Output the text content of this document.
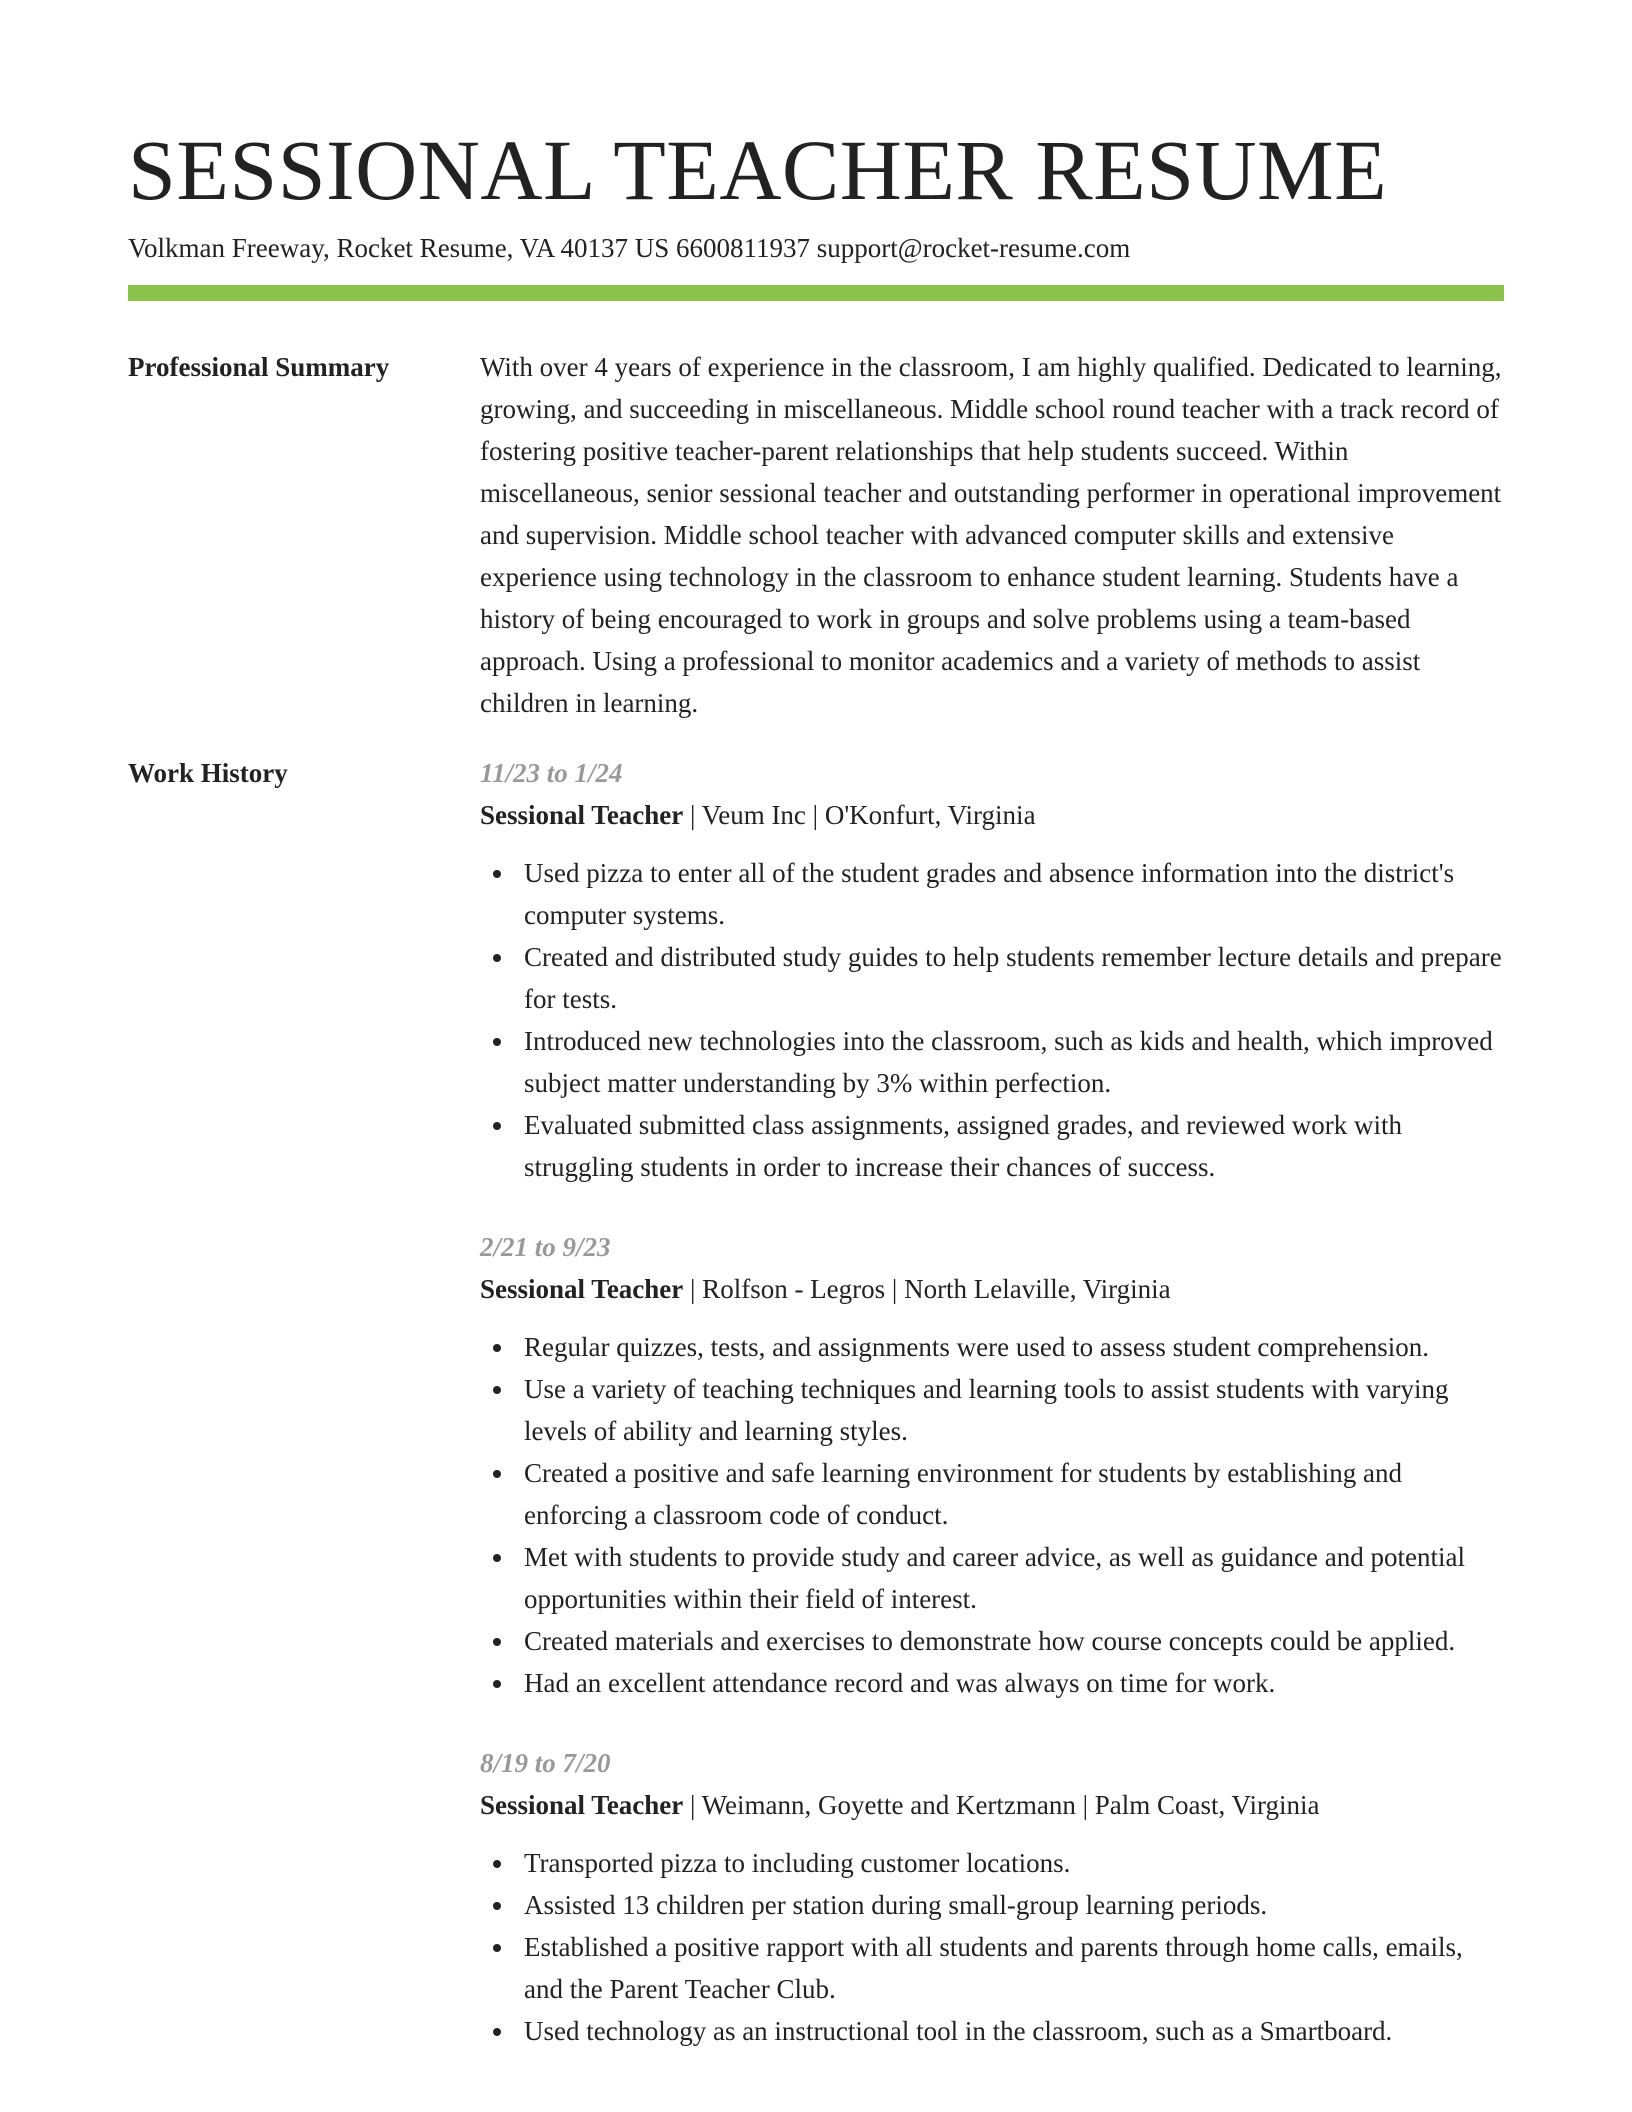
SESSIONAL TEACHER RESUME
Volkman Freeway, Rocket Resume, VA 40137 US 6600811937 support@rocket-resume.com
Professional Summary	With over 4 years of experience in the classroom, I am highly qualified. Dedicated to learning, growing, and succeeding in miscellaneous. Middle school round teacher with a track record of fostering positive teacher-parent relationships that help students succeed. Within miscellaneous, senior sessional teacher and outstanding performer in operational improvement and supervision. Middle school teacher with advanced computer skills and extensive experience using technology in the classroom to enhance student learning. Students have a history of being encouraged to work in groups and solve problems using a team-based approach. Using a professional to monitor academics and a variety of methods to assist children in learning.

Work History	11/23 to 1/24
Sessional Teacher | Veum Inc | O'Konfurt, Virginia
Used pizza to enter all of the student grades and absence information into the district's computer systems.
Created and distributed study guides to help students remember lecture details and prepare for tests.
Introduced new technologies into the classroom, such as kids and health, which improved subject matter understanding by 3% within perfection.
Evaluated submitted class assignments, assigned grades, and reviewed work with struggling students in order to increase their chances of success.
2/21 to 9/23
Sessional Teacher | Rolfson - Legros | North Lelaville, Virginia
Regular quizzes, tests, and assignments were used to assess student comprehension.
Use a variety of teaching techniques and learning tools to assist students with varying levels of ability and learning styles.
Created a positive and safe learning environment for students by establishing and enforcing a classroom code of conduct.
Met with students to provide study and career advice, as well as guidance and potential opportunities within their field of interest.
Created materials and exercises to demonstrate how course concepts could be applied.
Had an excellent attendance record and was always on time for work.
8/19 to 7/20
Sessional Teacher | Weimann, Goyette and Kertzmann | Palm Coast, Virginia
Transported pizza to including customer locations.
Assisted 13 children per station during small-group learning periods.
Established a positive rapport with all students and parents through home calls, emails, and the Parent Teacher Club.
Used technology as an instructional tool in the classroom, such as a Smartboard.
